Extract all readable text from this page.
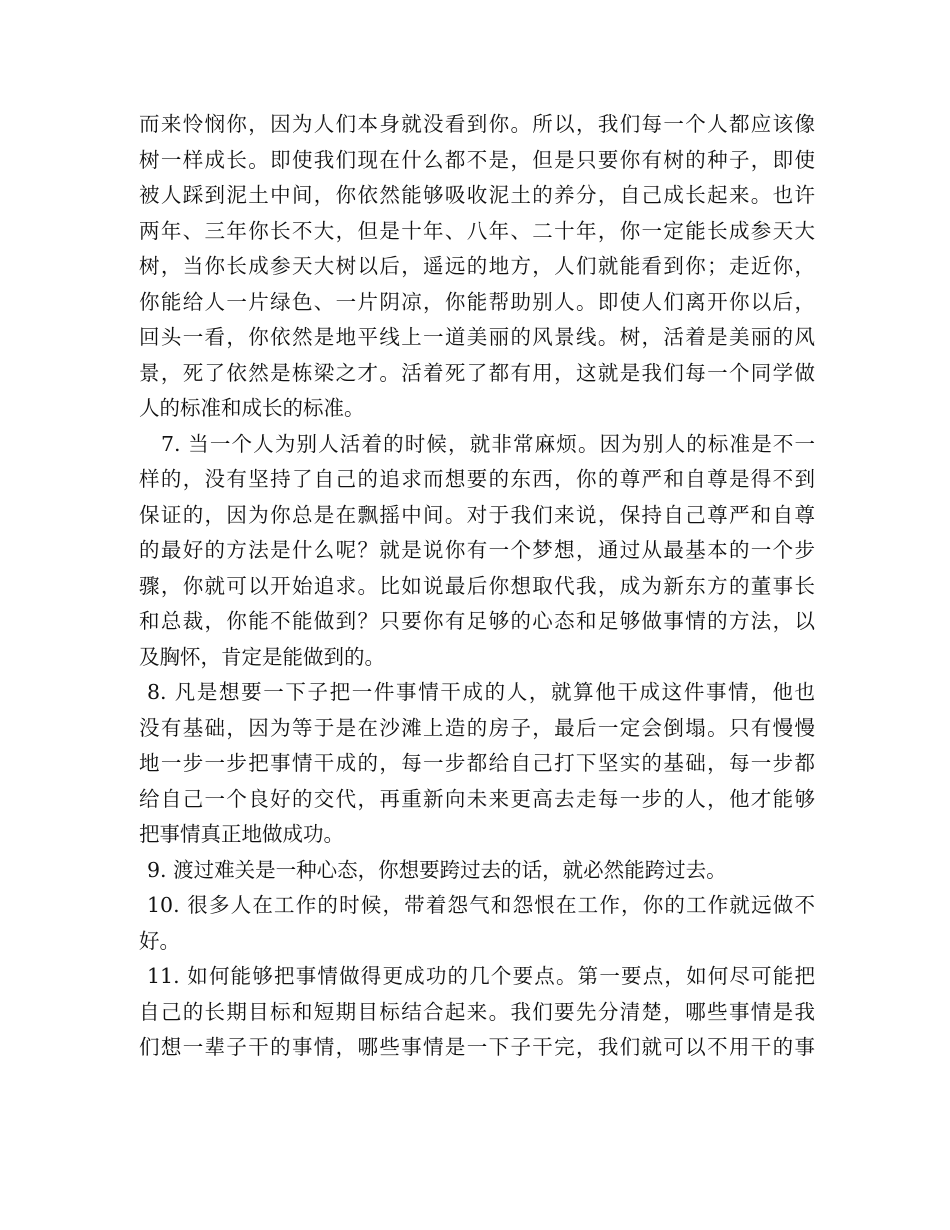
而来怜悯你，因为人们本身就没看到你。所以，我们每一个人都应该像
树一样成长。即使我们现在什么都不是，但是只要你有树的种子，即使
被人踩到泥土中间，你依然能够吸收泥土的养分，自己成长起来。也许
两年、三年你长不大，但是十年、八年、二十年，你一定能长成参天大
树，当你长成参天大树以后，遥远的地方，人们就能看到你；走近你，
你能给人一片绿色、一片阴凉，你能帮助别人。即使人们离开你以后，
回头一看，你依然是地平线上一道美丽的风景线。树，活着是美丽的风
景，死了依然是栋梁之才。活着死了都有用，这就是我们每一个同学做
人的标准和成长的标准。
7. 当一个人为别人活着的时候，就非常麻烦。因为别人的标准是不一
样的，没有坚持了自己的追求而想要的东西，你的尊严和自尊是得不到
保证的，因为你总是在飘摇中间。对于我们来说，保持自己尊严和自尊
的最好的方法是什么呢？就是说你有一个梦想，通过从最基本的一个步
骤，你就可以开始追求。比如说最后你想取代我，成为新东方的董事长
和总裁，你能不能做到？只要你有足够的心态和足够做事情的方法，以
及胸怀，肯定是能做到的。
8. 凡是想要一下子把一件事情干成的人，就算他干成这件事情，他也
没有基础，因为等于是在沙滩上造的房子，最后一定会倒塌。只有慢慢
地一步一步把事情干成的，每一步都给自己打下坚实的基础，每一步都
给自己一个良好的交代，再重新向未来更高去走每一步的人，他才能够
把事情真正地做成功。
9. 渡过难关是一种心态，你想要跨过去的话，就必然能跨过去。
10. 很多人在工作的时候，带着怨气和怨恨在工作，你的工作就远做不
好。
11. 如何能够把事情做得更成功的几个要点。第一要点，如何尽可能把
自己的长期目标和短期目标结合起来。我们要先分清楚，哪些事情是我
们想一辈子干的事情，哪些事情是一下子干完，我们就可以不用干的事
